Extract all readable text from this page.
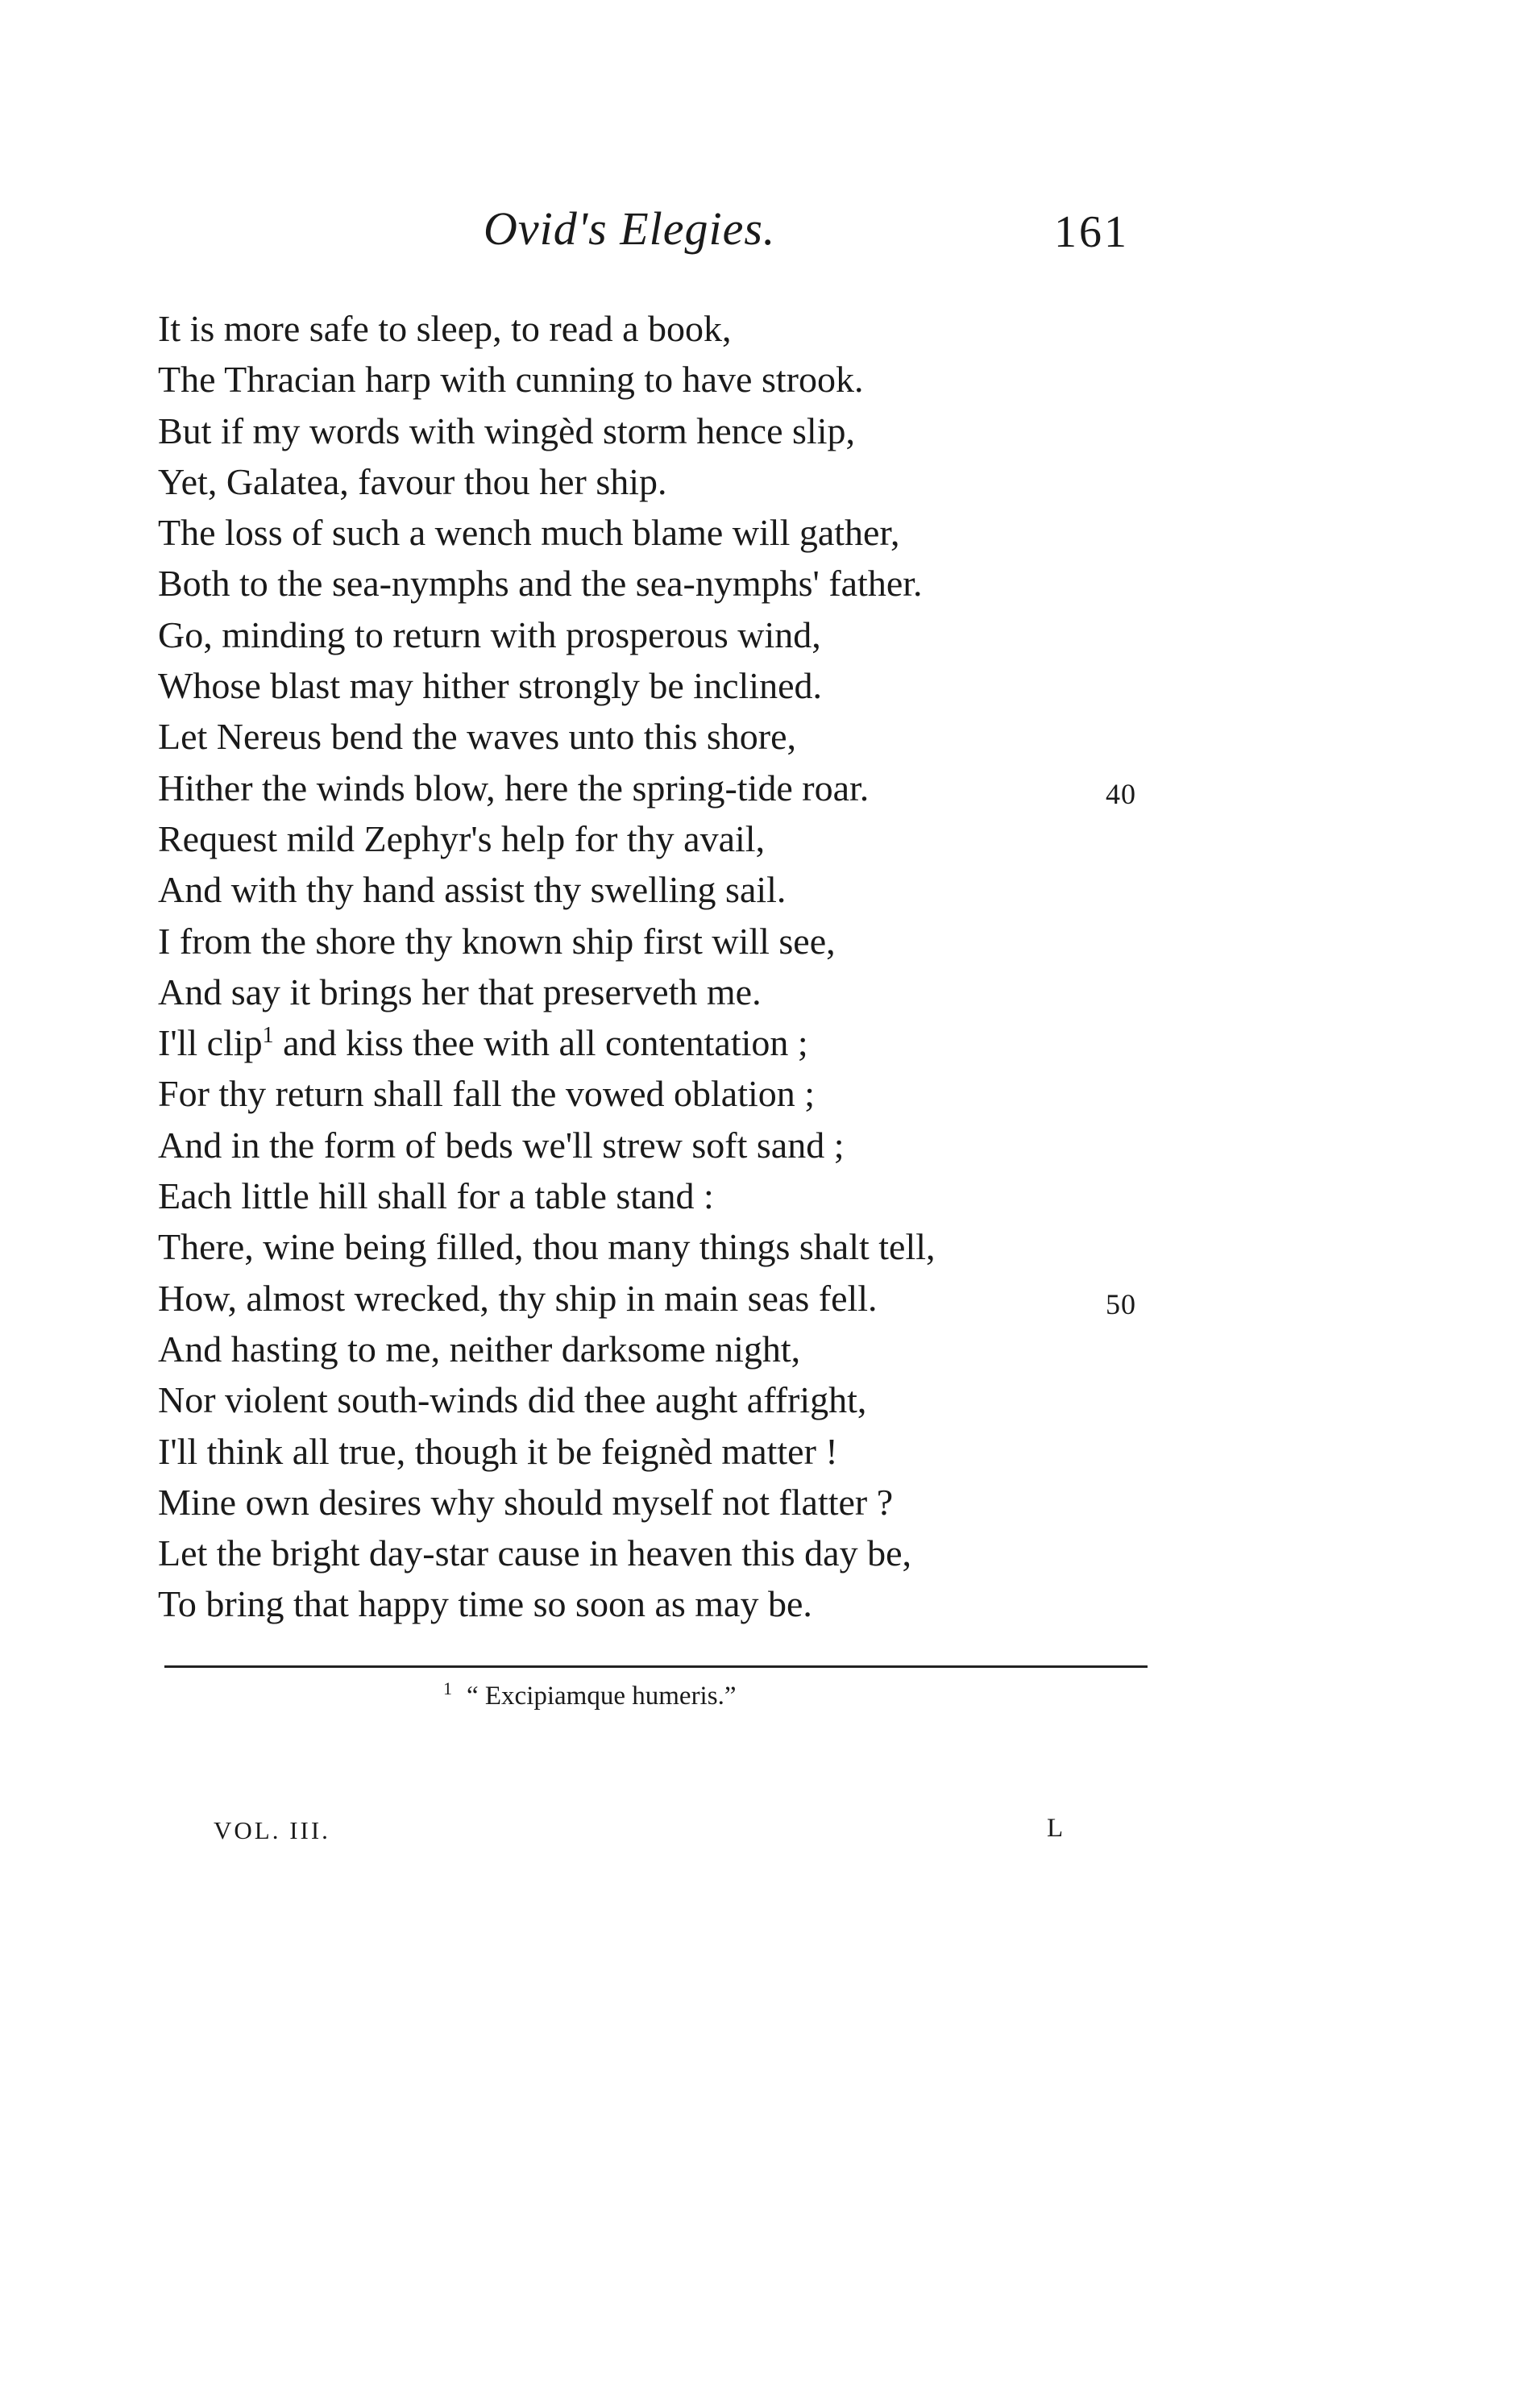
Ovid's Elegies.	161
It is more safe to sleep, to read a book,
The Thracian harp with cunning to have strook.
But if my words with wingèd storm hence slip,
Yet, Galatea, favour thou her ship.
The loss of such a wench much blame will gather,
Both to the sea-nymphs and the sea-nymphs' father.
Go, minding to return with prosperous wind,
Whose blast may hither strongly be inclined.
Let Nereus bend the waves unto this shore,
Hither the winds blow, here the spring-tide roar.	40
Request mild Zephyr's help for thy avail,
And with thy hand assist thy swelling sail.
I from the shore thy known ship first will see,
And say it brings her that preserveth me.
I'll clip$^1$ and kiss thee with all contentation ;
For thy return shall fall the vowed oblation ;
And in the form of beds we'll strew soft sand ;
Each little hill shall for a table stand :
There, wine being filled, thou many things shalt tell,
How, almost wrecked, thy ship in main seas fell.	50
And hasting to me, neither darksome night,
Nor violent south-winds did thee aught affright,
I'll think all true, though it be feignèd matter !
Mine own desires why should myself not flatter ?
Let the bright day-star cause in heaven this day be,
To bring that happy time so soon as may be.
$^1$ “ Excipiamque humeris.”
VOL. III.	L
